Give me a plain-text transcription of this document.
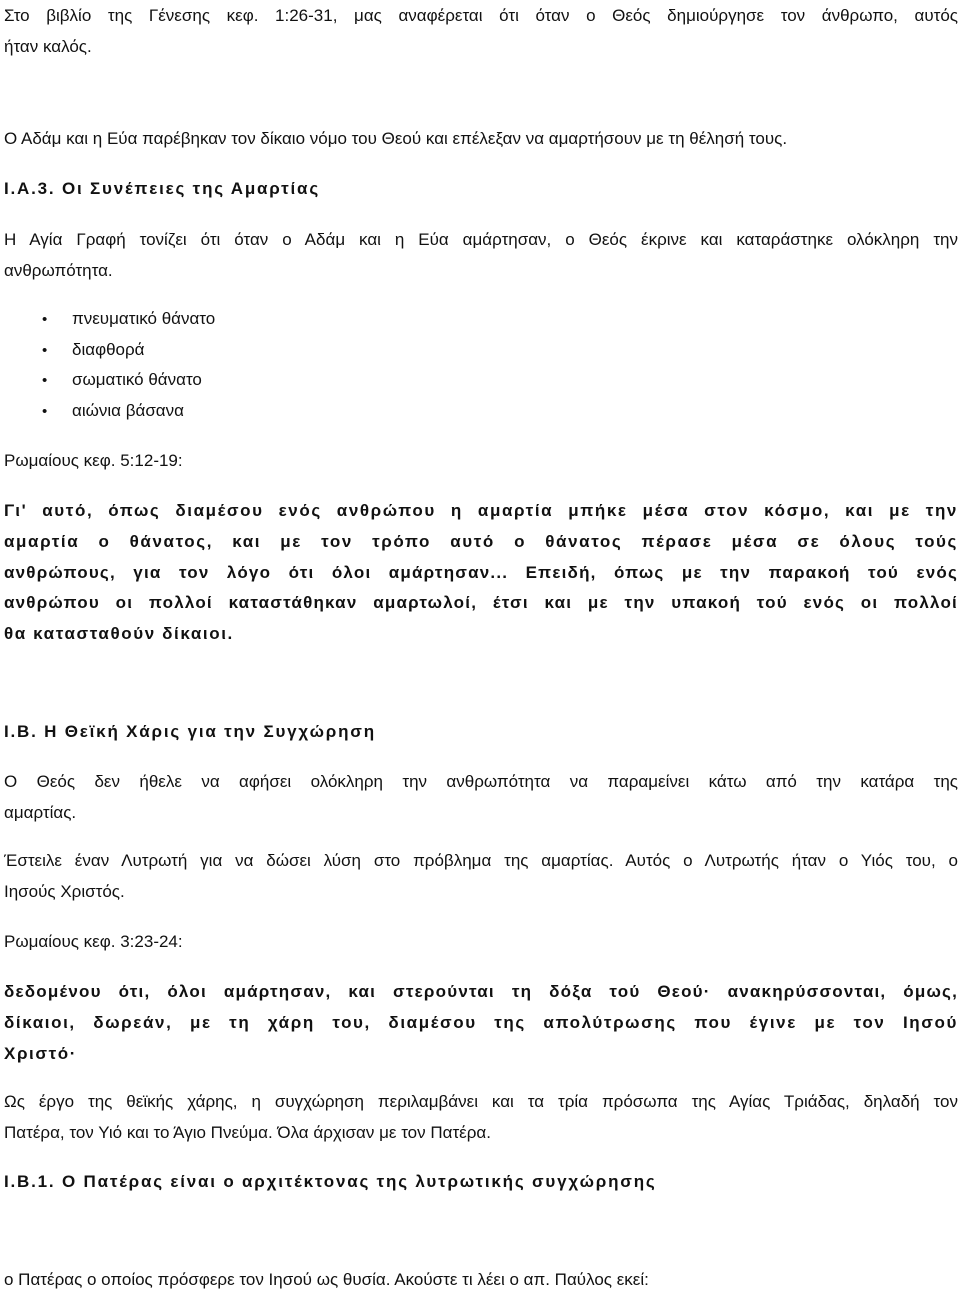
Στο βιβλίο της Γένεσης κεφ. 1:26-31, μας αναφέρεται ότι όταν ο Θεός δημιούργησε τον άνθρωπο, αυτός
ήταν καλός.
Ο Αδάμ και η Εύα παρέβηκαν τον δίκαιο νόμο του Θεού και επέλεξαν να αμαρτήσουν με τη θέλησή τους.
I.A.3. Οι Συνέπειες της Αμαρτίας
Η Αγία Γραφή τονίζει ότι όταν ο Αδάμ και η Εύα αμάρτησαν, ο Θεός έκρινε και καταράστηκε ολόκληρη την
ανθρωπότητα.
• πνευματικό θάνατο
• διαφθορά
• σωματικό θάνατο
• αιώνια βάσανα
Ρωμαίους κεφ. 5:12-19:
Γι' αυτό, όπως διαμέσου ενός ανθρώπου η αμαρτία μπήκε μέσα στον κόσμο, και με την
αμαρτία ο θάνατος, και με τον τρόπο αυτό ο θάνατος πέρασε μέσα σε όλους τούς
ανθρώπους, για τον λόγο ότι όλοι αμάρτησαν... Επειδή, όπως με την παρακοή τού ενός
ανθρώπου οι πολλοί καταστάθηκαν αμαρτωλοί, έτσι και με την υπακοή τού ενός οι πολλοί
θα κατασταθούν δίκαιοι.
I.B. Η Θεϊκή Χάρις για την Συγχώρηση
Ο Θεός δεν ήθελε να αφήσει ολόκληρη την ανθρωπότητα να παραμείνει κάτω από την κατάρα της
αμαρτίας.
Έστειλε έναν Λυτρωτή για να δώσει λύση στο πρόβλημα της αμαρτίας. Αυτός ο Λυτρωτής ήταν ο Υιός του, ο
Ιησούς Χριστός.
Ρωμαίους κεφ. 3:23-24:
δεδομένου ότι, όλοι αμάρτησαν, και στερούνται τη δόξα τού Θεού· ανακηρύσσονται, όμως,
δίκαιοι, δωρεάν, με τη χάρη του, διαμέσου της απολύτρωσης που έγινε με τον Ιησού
Χριστό·
Ως έργο της θεϊκής χάρης, η συγχώρηση περιλαμβάνει και τα τρία πρόσωπα της Αγίας Τριάδας, δηλαδή τον
Πατέρα, τον Υιό και το Άγιο Πνεύμα. Όλα άρχισαν με τον Πατέρα.
I.B.1. Ο Πατέρας είναι ο αρχιτέκτονας της λυτρωτικής συγχώρησης
ο Πατέρας ο οποίος πρόσφερε τον Ιησού ως θυσία. Ακούστε τι λέει ο απ. Παύλος εκεί:
